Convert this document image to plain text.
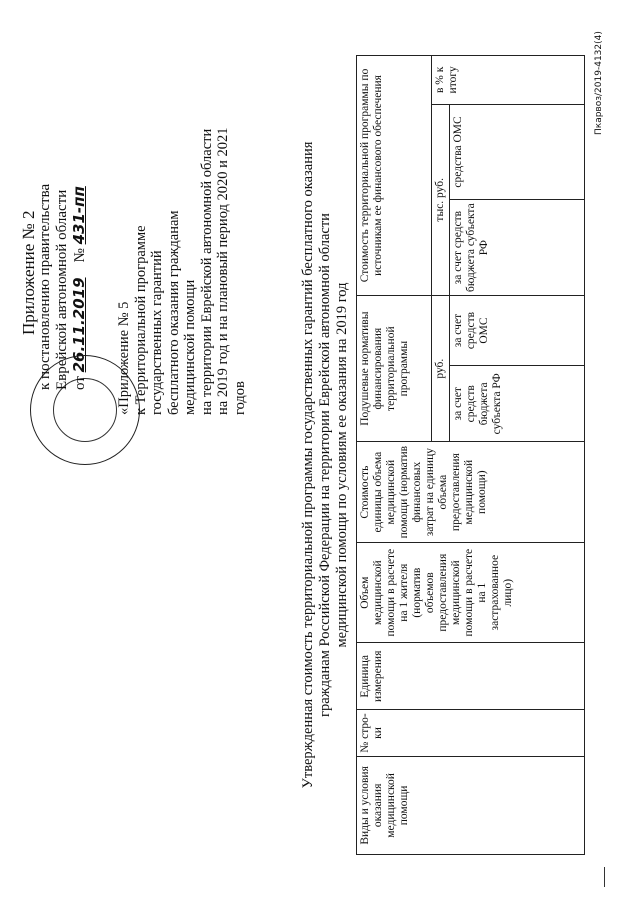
Приложение № 2 к постановлению правительства Еврейской автономной области от 26.11.2019    № 431-пп
«Приложение № 5 к Территориальной программе государственных гарантий бесплатного оказания гражданам медицинской помощи на территории Еврейской автономной области на 2019 год и на плановый период 2020 и 2021 годов	Утвержденная стоимость территориальной программы государственных гарантий бесплатного оказания гражданам Российской Федерации на территории Еврейской автономной области медицинской помощи по условиям ее оказания на 2019 год
Виды и условия оказания медицинской помощи	№ стро-ки	Единица измерения	Объем медицинской помощи в расчете на 1 жителя (норматив объемов предоставления медицинской помощи в расчете на 1 застрахованное лицо)	Стоимость единицы объема медицинской помощи (норматив финансовых затрат на единицу объема предоставления медицинской помощи)	Подушевые нормативы финансирования территориальной программы		Стоимость территориальной программы по источникам ее финансового обеспечения		
					руб.		тыс. руб.		в % к итогу
					за счет средств бюджета субъекта РФ	за счет средств ОМС	за счет средств бюджета субъекта РФ	средства ОМС	
Пкарвоз/2019-4132(4)
